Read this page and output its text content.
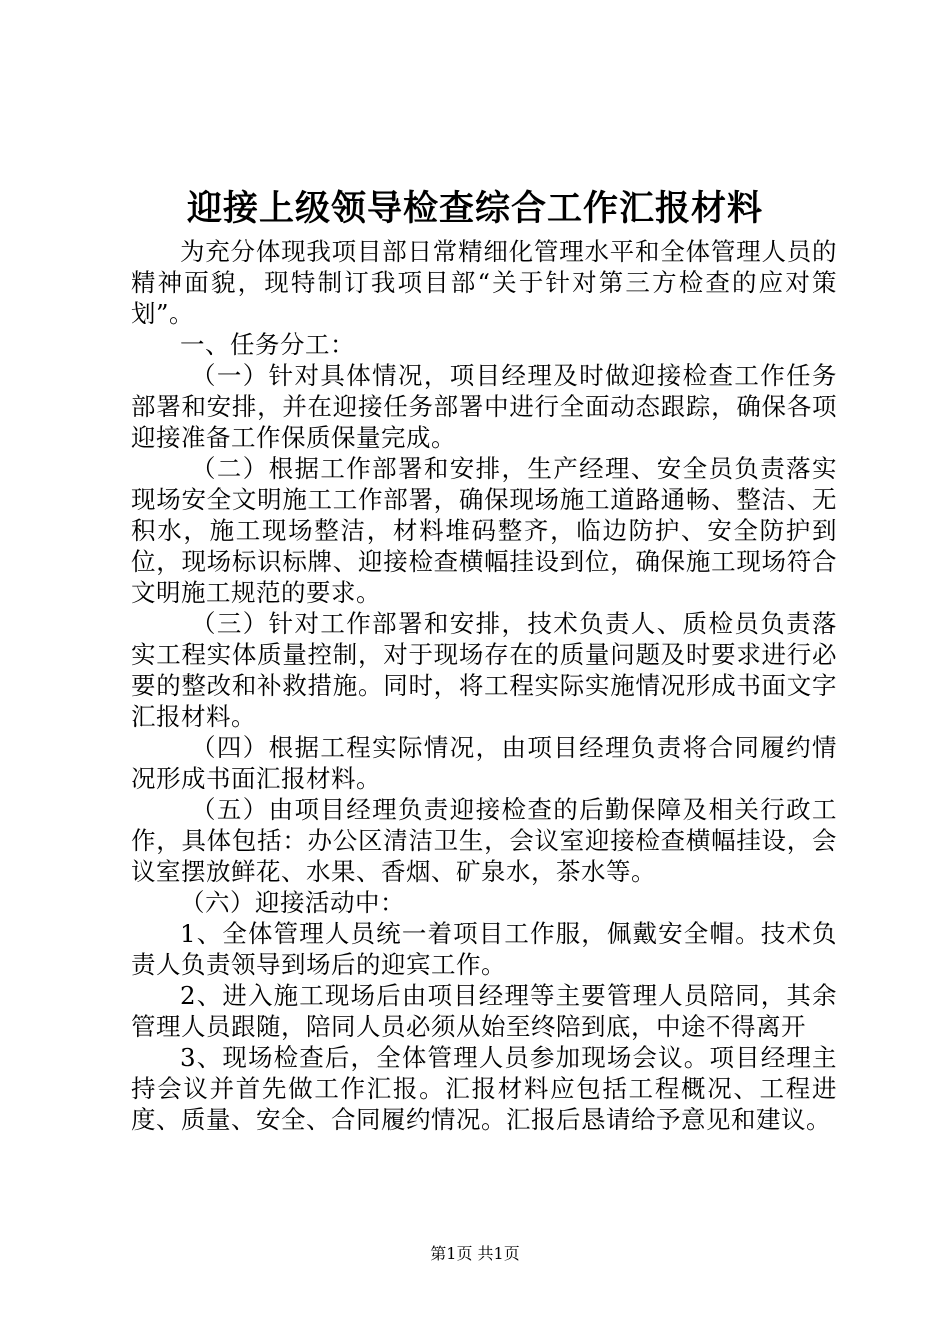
迎接上级领导检查综合工作汇报材料

为充分体现我项目部日常精细化管理水平和全体管理人员的精神面貌，现特制订我项目部“关于针对第三方检查的应对策划”。

一、任务分工：

（一）针对具体情况，项目经理及时做迎接检查工作任务部署和安排，并在迎接任务部署中进行全面动态跟踪，确保各项迎接准备工作保质保量完成。

（二）根据工作部署和安排，生产经理、安全员负责落实现场安全文明施工工作部署，确保现场施工道路通畅、整洁、无积水，施工现场整洁，材料堆码整齐，临边防护、安全防护到位，现场标识标牌、迎接检查横幅挂设到位，确保施工现场符合文明施工规范的要求。

（三）针对工作部署和安排，技术负责人、质检员负责落实工程实体质量控制，对于现场存在的质量问题及时要求进行必要的整改和补救措施。同时，将工程实际实施情况形成书面文字汇报材料。

（四）根据工程实际情况，由项目经理负责将合同履约情况形成书面汇报材料。

（五）由项目经理负责迎接检查的后勤保障及相关行政工作，具体包括：办公区清洁卫生，会议室迎接检查横幅挂设，会议室摆放鲜花、水果、香烟、矿泉水，茶水等。

（六）迎接活动中：

1、全体管理人员统一着项目工作服，佩戴安全帽。技术负责人负责领导到场后的迎宾工作。

2、进入施工现场后由项目经理等主要管理人员陪同，其余管理人员跟随，陪同人员必须从始至终陪到底，中途不得离开

3、现场检查后，全体管理人员参加现场会议。项目经理主持会议并首先做工作汇报。汇报材料应包括工程概况、工程进度、质量、安全、合同履约情况。汇报后恳请给予意见和建议。

第1页 共1页
